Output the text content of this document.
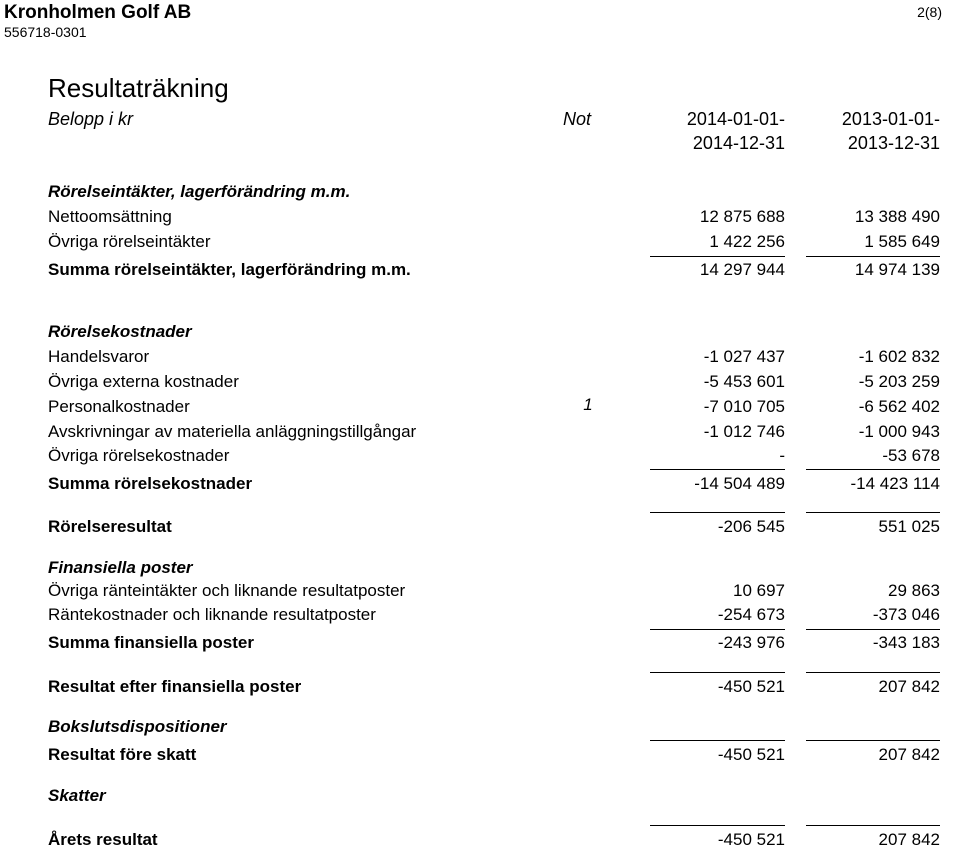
Kronholmen Golf AB
556718-0301
2(8)
Resultaträkning
Belopp i kr	Not	2014-01-01-
2014-12-31
2013-01-01-
2013-12-31
Rörelseintäkter, lagerförändring m.m.
Nettoomsättning	12 875 688	13 388 490
Övriga rörelseintäkter	1 422 256	1 585 649
Summa rörelseintäkter, lagerförändring m.m.	14 297 944	14 974 139
Rörelsekostnader
Handelsvaror	-1 027 437	-1 602 832
Övriga externa kostnader	-5 453 601	-5 203 259
Personalkostnader	1	-7 010 705	-6 562 402
Avskrivningar av materiella anläggningstillgångar	-1 012 746	-1 000 943
Övriga rörelsekostnader	-	-53 678
Summa rörelsekostnader	-14 504 489	-14 423 114
Rörelseresultat	-206 545	551 025
Finansiella poster
Övriga ränteintäkter och liknande resultatposter	10 697	29 863
Räntekostnader och liknande resultatposter	-254 673	-373 046
Summa finansiella poster	-243 976	-343 183
Resultat efter finansiella poster	-450 521	207 842
Bokslutsdispositioner
Resultat före skatt	-450 521	207 842
Skatter
Årets resultat	-450 521	207 842
